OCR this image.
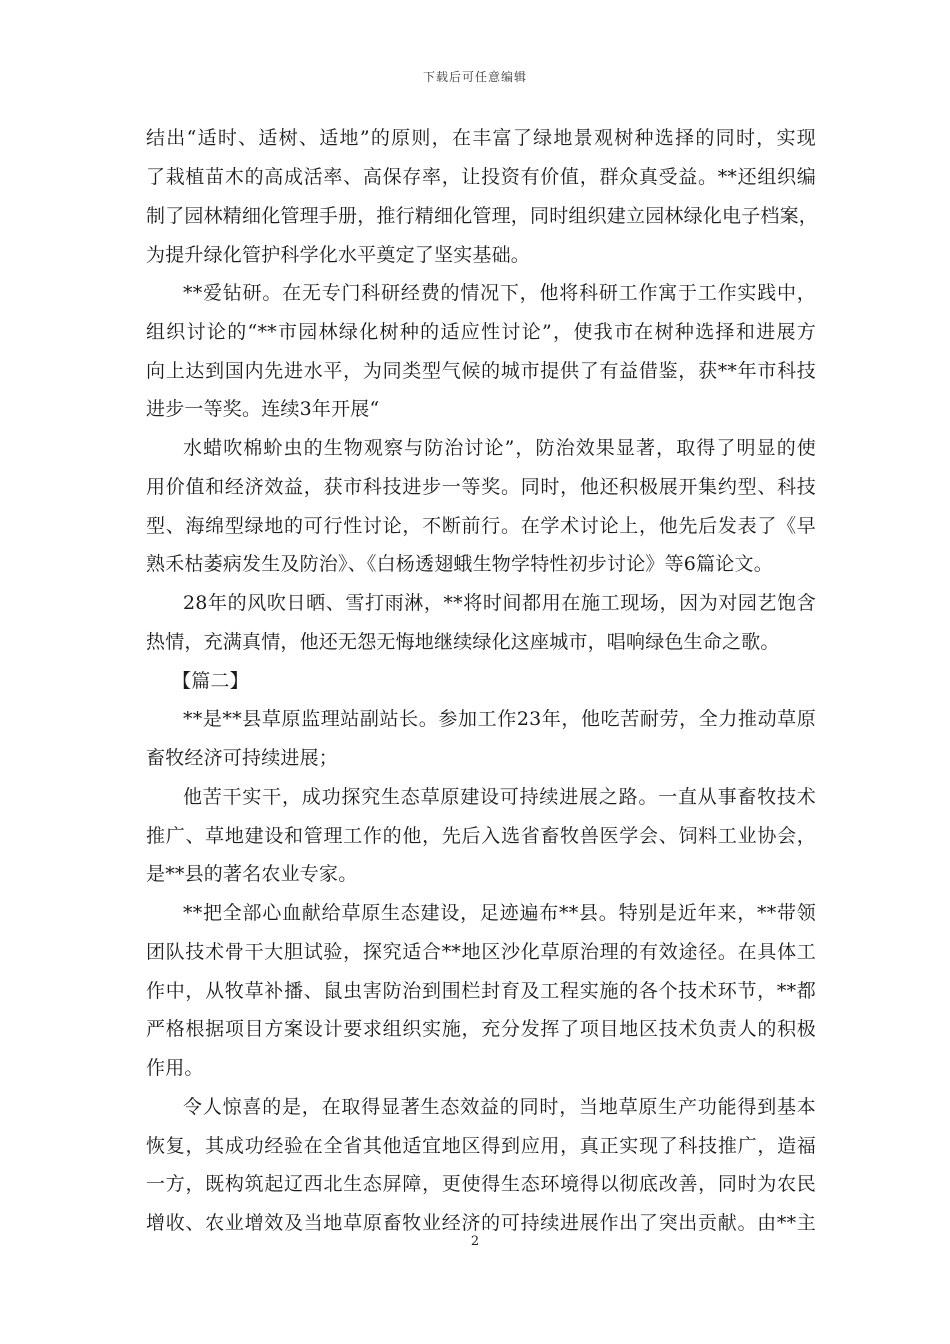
下载后可任意编辑
结出“适时、适树、适地”的原则，在丰富了绿地景观树种选择的同时，实现
了栽植苗木的高成活率、高保存率，让投资有价值，群众真受益。**还组织编
制了园林精细化管理手册，推行精细化管理，同时组织建立园林绿化电子档案，
为提升绿化管护科学化水平奠定了坚实基础。
**爱钻研。在无专门科研经费的情况下，他将科研工作寓于工作实践中，
组织讨论的“**市园林绿化树种的适应性讨论”，使我市在树种选择和进展方
向上达到国内先进水平，为同类型气候的城市提供了有益借鉴，获**年市科技
进步一等奖。连续3年开展“
水蜡吹棉蚧虫的生物观察与防治讨论”，防治效果显著，取得了明显的使
用价值和经济效益，获市科技进步一等奖。同时，他还积极展开集约型、科技
型、海绵型绿地的可行性讨论，不断前行。在学术讨论上，他先后发表了《早
熟禾枯萎病发生及防治》、《白杨透翅蛾生物学特性初步讨论》等6篇论文。
28年的风吹日晒、雪打雨淋，**将时间都用在施工现场，因为对园艺饱含
热情，充满真情，他还无怨无悔地继续绿化这座城市，唱响绿色生命之歌。
【篇二】
**是**县草原监理站副站长。参加工作23年，他吃苦耐劳，全力推动草原
畜牧经济可持续进展；
他苦干实干，成功探究生态草原建设可持续进展之路。一直从事畜牧技术
推广、草地建设和管理工作的他，先后入选省畜牧兽医学会、饲料工业协会，
是**县的著名农业专家。
**把全部心血献给草原生态建设，足迹遍布**县。特别是近年来，**带领
团队技术骨干大胆试验，探究适合**地区沙化草原治理的有效途径。在具体工
作中，从牧草补播、鼠虫害防治到围栏封育及工程实施的各个技术环节，**都
严格根据项目方案设计要求组织实施，充分发挥了项目地区技术负责人的积极
作用。
令人惊喜的是，在取得显著生态效益的同时，当地草原生产功能得到基本
恢复，其成功经验在全省其他适宜地区得到应用，真正实现了科技推广，造福
一方，既构筑起辽西北生态屏障，更使得生态环境得以彻底改善，同时为农民
增收、农业增效及当地草原畜牧业经济的可持续进展作出了突出贡献。由**主
2
